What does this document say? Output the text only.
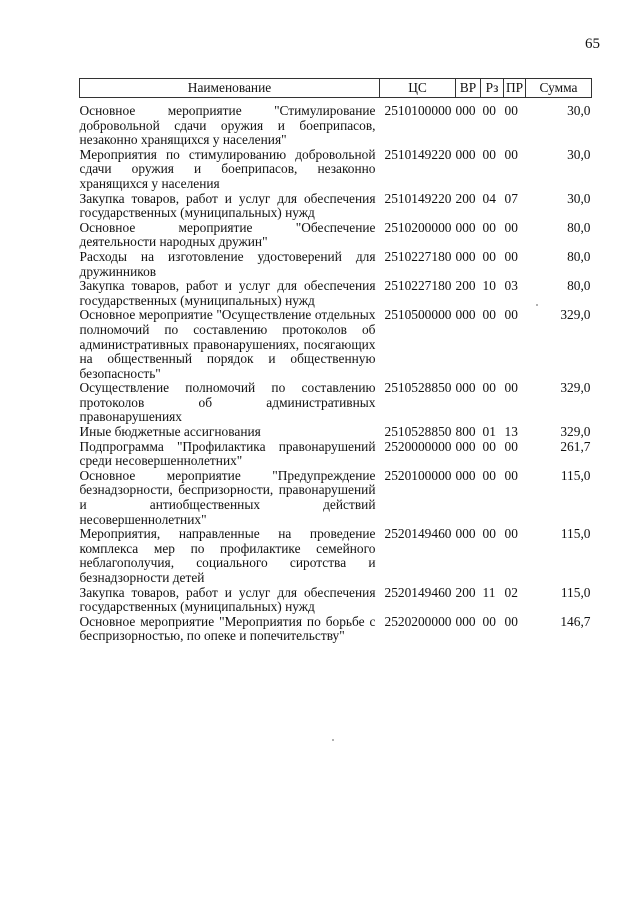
65
Наименование	ЦС	ВР	Рз	ПР	Сумма
Основное мероприятие "Стимулирование добровольной сдачи оружия и боеприпасов, незаконно хранящихся у населения"	2510100000	000	00	00	30,0
Мероприятия по стимулированию добровольной сдачи оружия и боеприпасов, незаконно хранящихся у населения	2510149220	000	00	00	30,0
Закупка товаров, работ и услуг для обеспечения государственных (муниципальных) нужд	2510149220	200	04	07	30,0
Основное мероприятие "Обеспечение деятельности народных дружин"	2510200000	000	00	00	80,0
Расходы на изготовление удостоверений для дружинников	2510227180	000	00	00	80,0
Закупка товаров, работ и услуг для обеспечения государственных (муниципальных) нужд	2510227180	200	10	03	80,0
Основное мероприятие "Осуществление отдельных полномочий по составлению протоколов об административных правонарушениях, посягающих на общественный порядок и общественную безопасность"	2510500000	000	00	00	329,0
Осуществление полномочий по составлению протоколов об административных правонарушениях	2510528850	000	00	00	329,0
Иные бюджетные ассигнования	2510528850	800	01	13	329,0
Подпрограмма "Профилактика правонарушений среди несовершеннолетних"	2520000000	000	00	00	261,7
Основное мероприятие "Предупреждение безнадзорности, беспризорности, правонарушений и антиобщественных действий несовершеннолетних"	2520100000	000	00	00	115,0
Мероприятия, направленные на проведение комплекса мер по профилактике семейного неблагополучия, социального сиротства и безнадзорности детей	2520149460	000	00	00	115,0
Закупка товаров, работ и услуг для обеспечения государственных (муниципальных) нужд	2520149460	200	11	02	115,0
Основное мероприятие "Мероприятия по борьбе с беспризорностью, по опеке и попечительству"	2520200000	000	00	00	146,7
